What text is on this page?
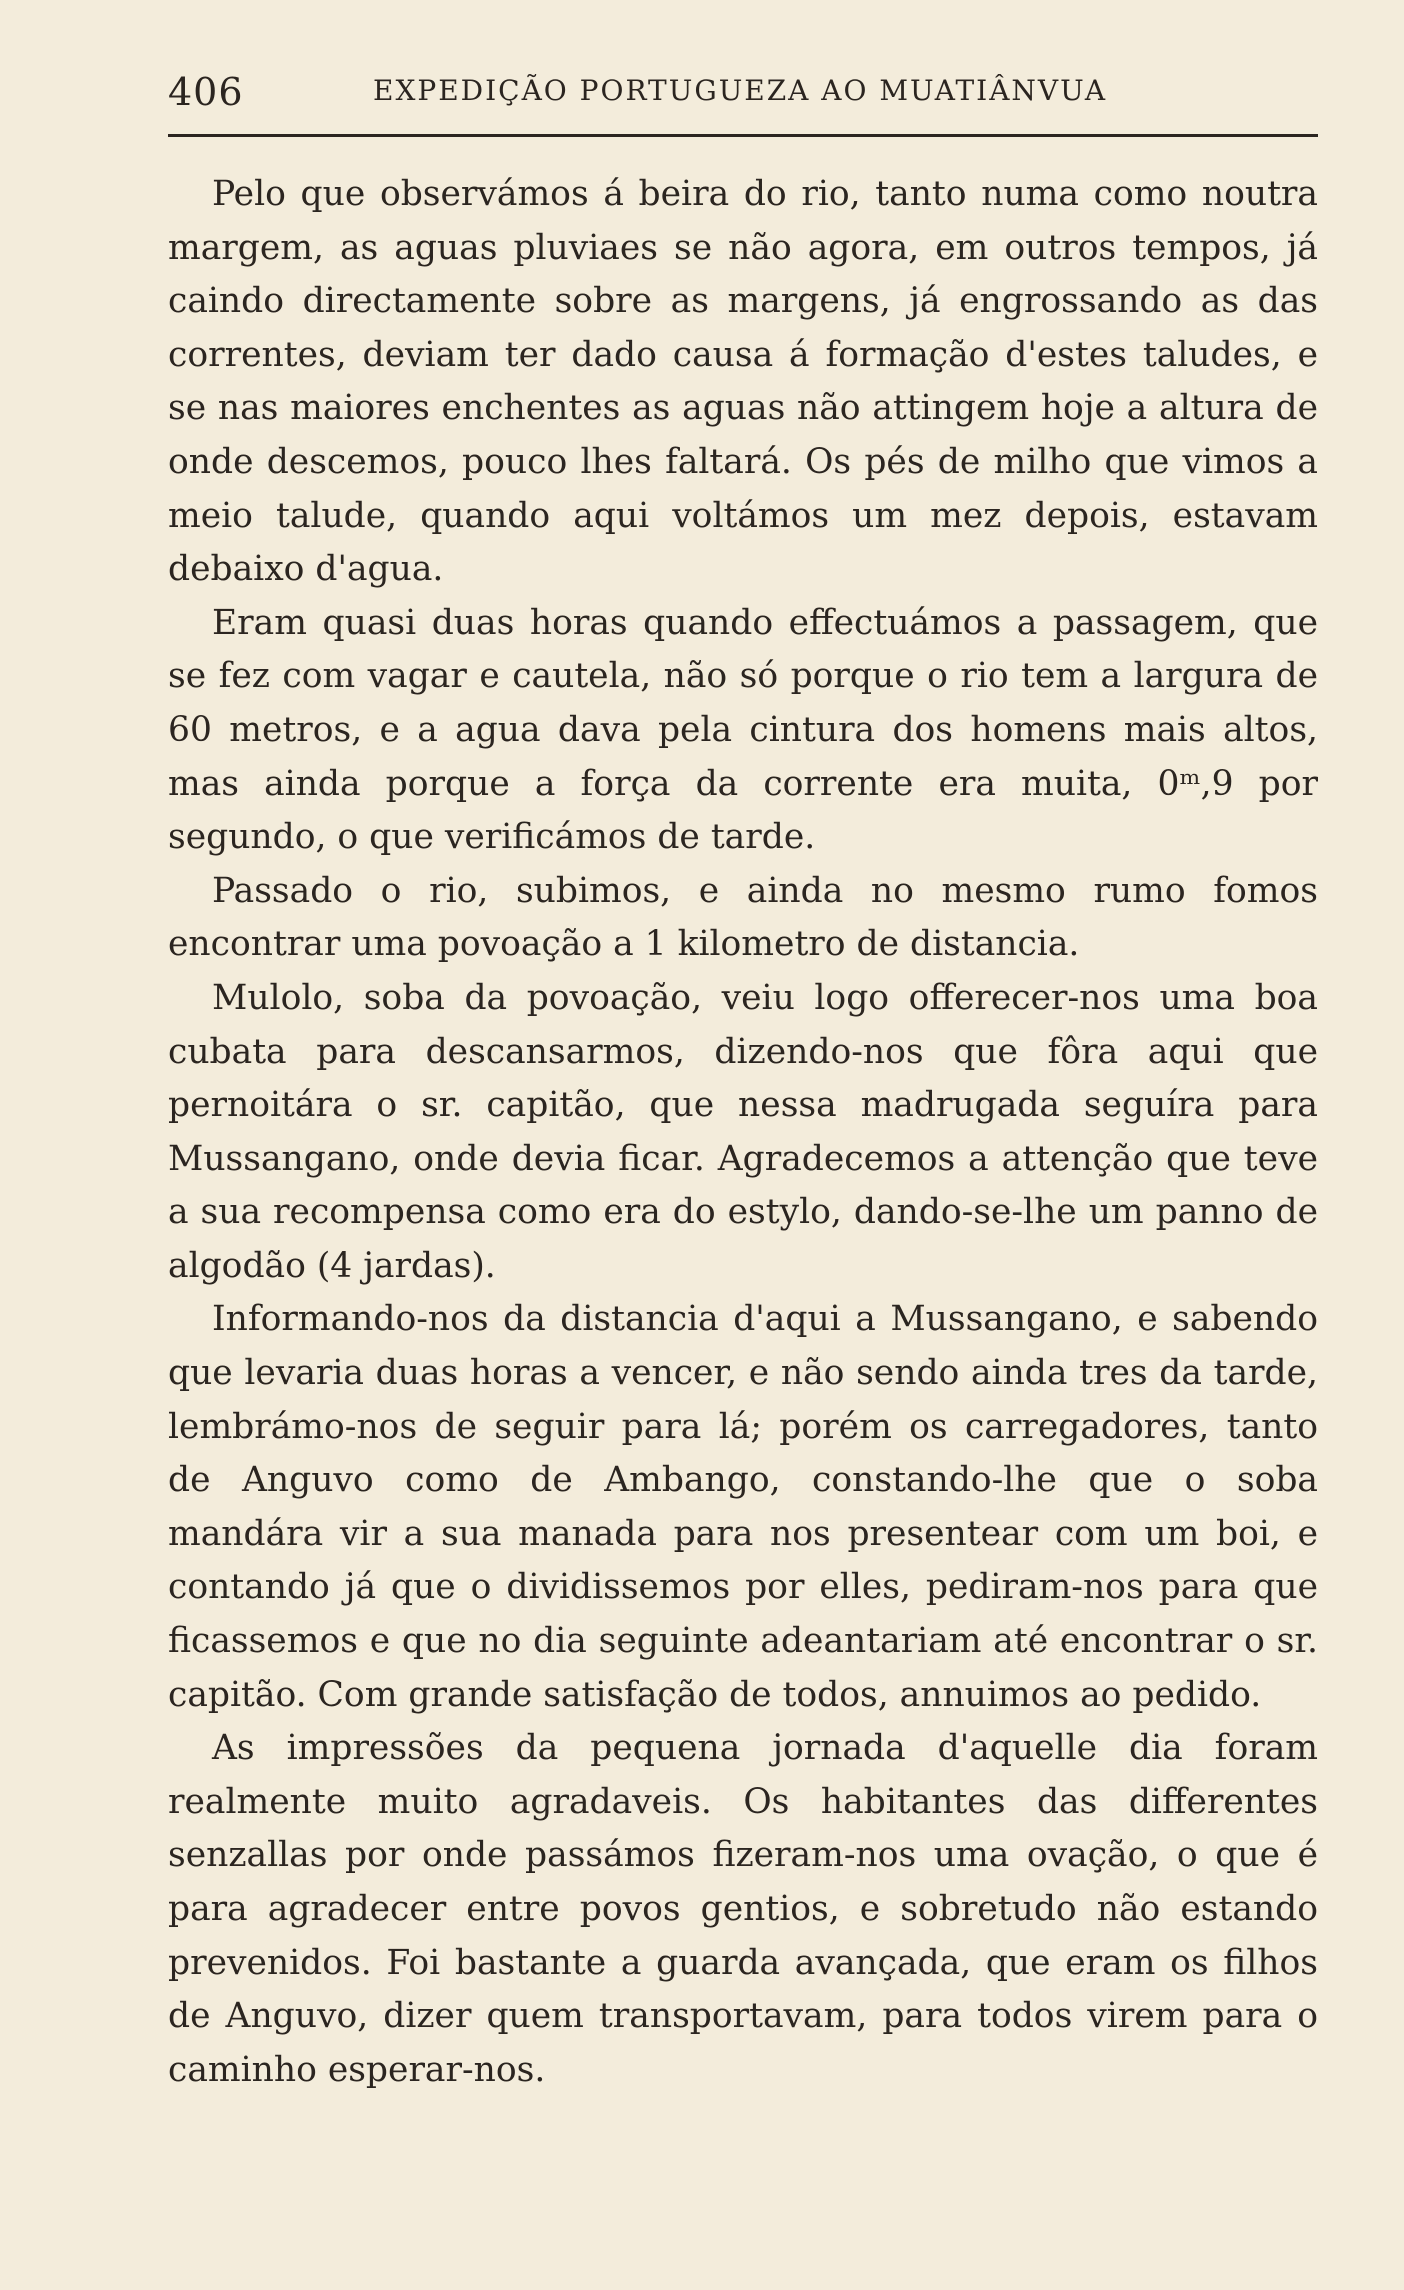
406	EXPEDIÇÃO PORTUGUEZA AO MUATIÂNVUA

Pelo que observámos á beira do rio, tanto numa como noutra margem, as aguas pluviaes se não agora, em outros tempos, já caindo directamente sobre as margens, já engrossando as das correntes, deviam ter dado causa á formação d'estes taludes, e se nas maiores enchentes as aguas não attingem hoje a altura de onde descemos, pouco lhes faltará. Os pés de milho que vimos a meio talude, quando aqui voltámos um mez depois, estavam debaixo d'agua.

Eram quasi duas horas quando effectuámos a passagem, que se fez com vagar e cautela, não só porque o rio tem a largura de 60 metros, e a agua dava pela cintura dos homens mais altos, mas ainda porque a força da corrente era muita, 0ᵐ,9 por segundo, o que verificámos de tarde.

Passado o rio, subimos, e ainda no mesmo rumo fomos encontrar uma povoação a 1 kilometro de distancia.

Mulolo, soba da povoação, veiu logo offerecer-nos uma boa cubata para descansarmos, dizendo-nos que fôra aqui que pernoitára o sr. capitão, que nessa madrugada seguíra para Mussangano, onde devia ficar. Agradecemos a attenção que teve a sua recompensa como era do estylo, dando-se-lhe um panno de algodão (4 jardas).

Informando-nos da distancia d'aqui a Mussangano, e sabendo que levaria duas horas a vencer, e não sendo ainda tres da tarde, lembrámo-nos de seguir para lá; porém os carregadores, tanto de Anguvo como de Ambango, constando-lhe que o soba mandára vir a sua manada para nos presentear com um boi, e contando já que o dividissemos por elles, pediram-nos para que ficassemos e que no dia seguinte adeantariam até encontrar o sr. capitão. Com grande satisfação de todos, annuimos ao pedido.

As impressões da pequena jornada d'aquelle dia foram realmente muito agradaveis. Os habitantes das differentes senzallas por onde passámos fizeram-nos uma ovação, o que é para agradecer entre povos gentios, e sobretudo não estando prevenidos. Foi bastante a guarda avançada, que eram os filhos de Anguvo, dizer quem transportavam, para todos virem para o caminho esperar-nos.
